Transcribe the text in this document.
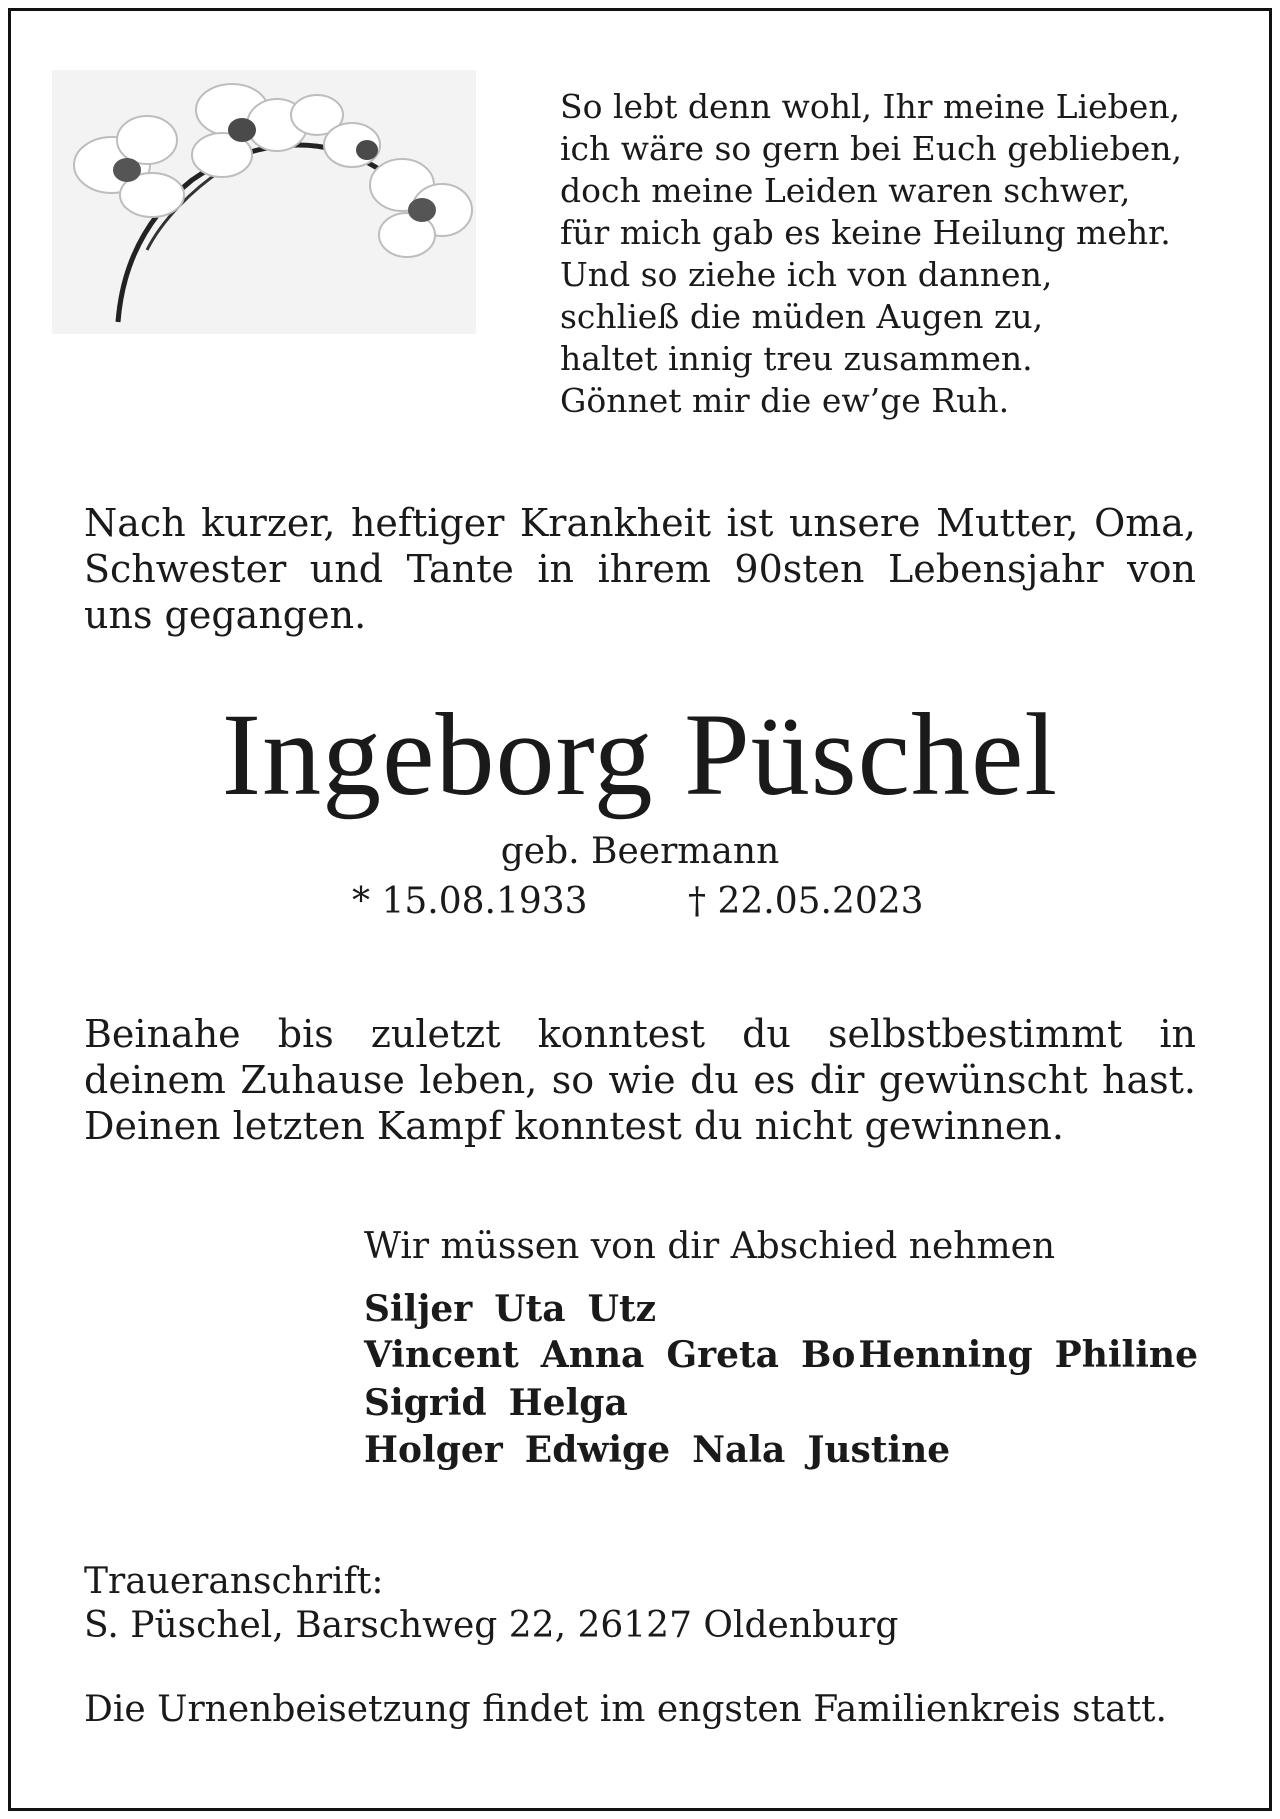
So lebt denn wohl, Ihr meine Lieben,
ich wäre so gern bei Euch geblieben,
doch meine Leiden waren schwer,
für mich gab es keine Heilung mehr.
Und so ziehe ich von dannen,
schließ die müden Augen zu,
haltet innig treu zusammen.
Gönnet mir die ew’ge Ruh.
Nach kurzer, heftiger Krankheit ist unsere Mutter, Oma, Schwester und Tante in ihrem 90sten Lebensjahr von uns gegangen.
Ingeborg Püschel
geb. Beermann
* 15.08.1933	† 22.05.2023
Beinahe bis zuletzt konntest du selbstbestimmt in deinem Zuhause leben, so wie du es dir gewünscht hast. Deinen letzten Kampf konntest du nicht gewinnen.
Wir müssen von dir Abschied nehmen
Siljer Uta Utz
Vincent Anna Greta Bo Henning Philine
Sigrid Helga
Holger Edwige Nala Justine
Traueranschrift:
S. Püschel, Barschweg 22, 26127 Oldenburg
Die Urnenbeisetzung findet im engsten Familienkreis statt.
